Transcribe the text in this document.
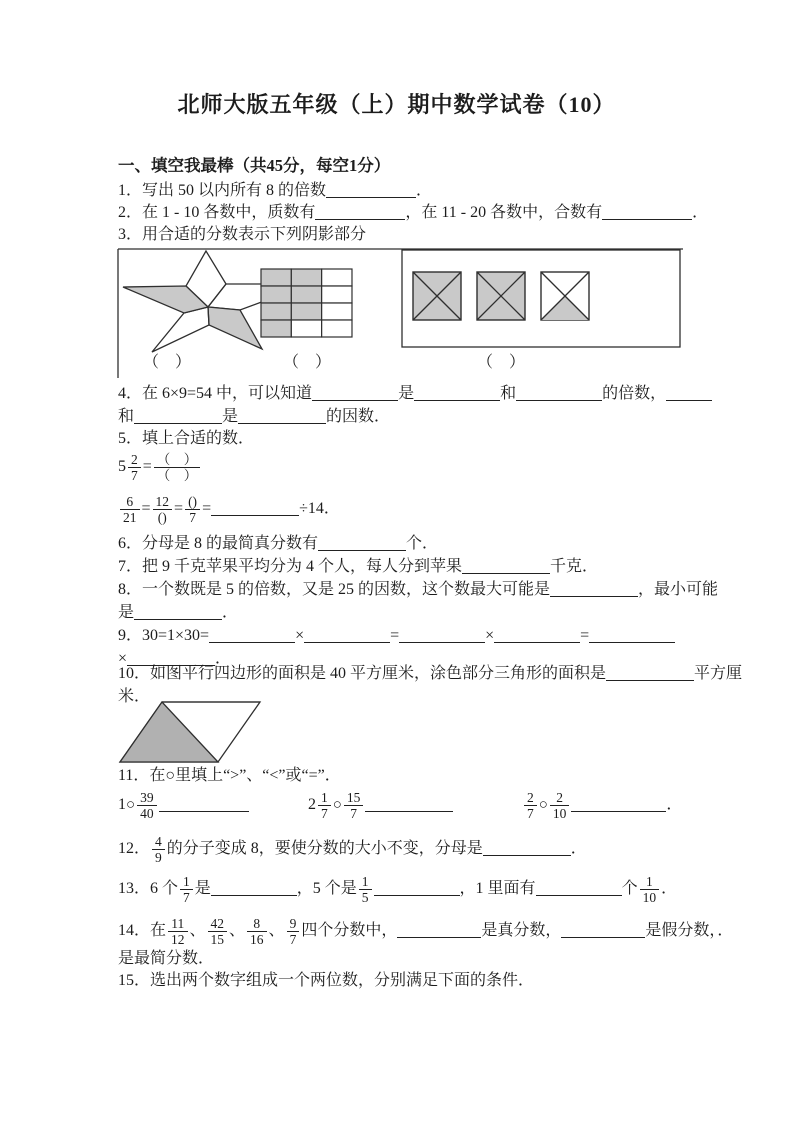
北师大版五年级（上）期中数学试卷（10）
一、填空我最棒（共45分，每空1分）
1．写出 50 以内所有 8 的倍数	．
2．在 1 - 10 各数中，质数有	，在 11 - 20 各数中，合数有	．
3．用合适的分数表示下列阴影部分
（　）	（　）	（　）
4．在 6×9=54 中，可以知道	是	和	的倍数，
和	是	的因数．
5．填上合适的数．
$5 \frac{2}{7} = \frac{( )}{( )}$
$\frac{6}{21} = \frac{12}{()} = \frac{()}{7}$ =	÷14．
6．分母是 8 的最简真分数有	个．
7．把 9 千克苹果平均分为 4 个人，每人分到苹果	千克．
8．一个数既是 5 的倍数，又是 25 的因数，这个数最大可能是	，最小可能
是	．
9．30=1×30=	×	=	×	=
×	．
10．如图平行四边形的面积是 40 平方厘米，涂色部分三角形的面积是	平方厘
米．
11．在○里填上“>”、“<”或“=”．
1○ $\frac{39}{40}$	$2 \frac{1}{7}$ ○ $\frac{15}{7}$	$\frac{2}{7}$ ○ $\frac{2}{10}$	．
12． $\frac{4}{9}$ 的分子变成 8，要使分数的大小不变，分母是	．
13．6 个 $\frac{1}{7}$ 是	，5 个是 $\frac{1}{5}$	，1 里面有	个 $\frac{1}{10}$ ．
14．在 $\frac{11}{12}$ 、 $\frac{42}{15}$ 、 $\frac{8}{16}$ 、 $\frac{9}{7}$ 四个分数中，	是真分数，	是假分数，．
是最简分数．
15．选出两个数字组成一个两位数，分别满足下面的条件．
